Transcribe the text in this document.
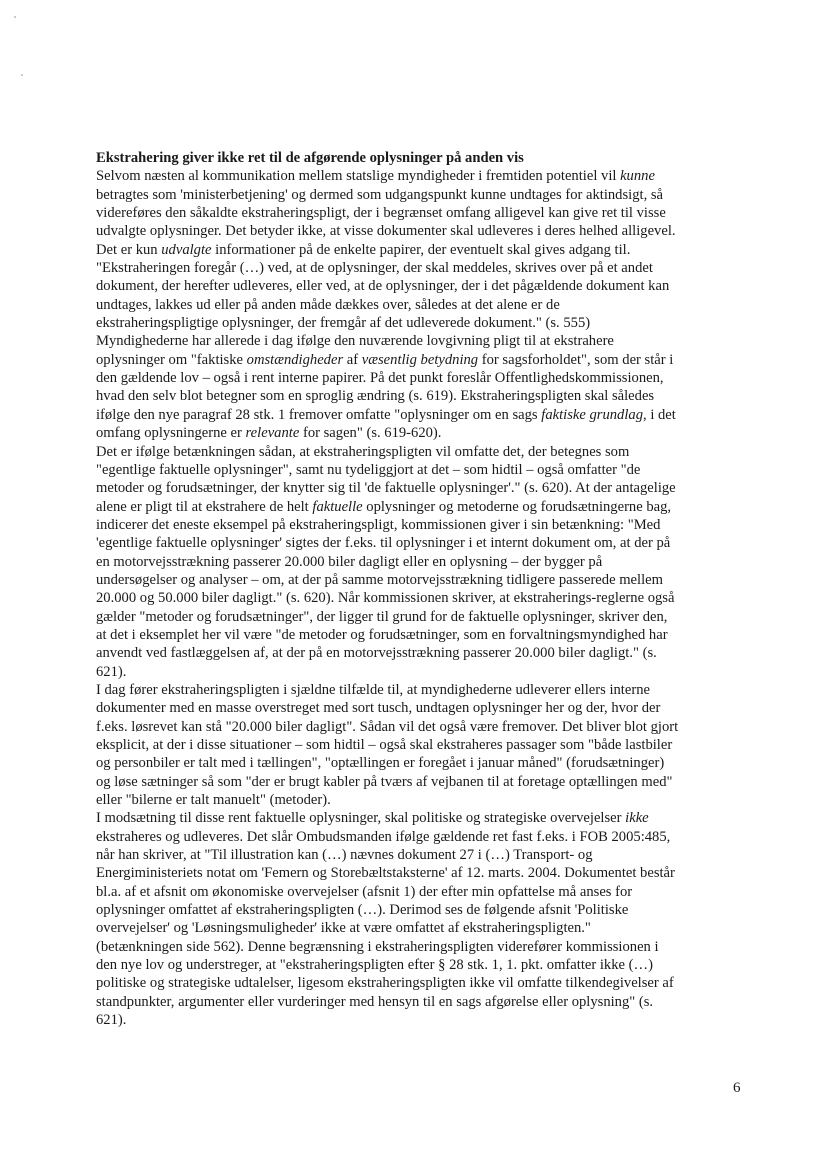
Ekstrahering giver ikke ret til de afgørende oplysninger på anden vis
Selvom næsten al kommunikation mellem statslige myndigheder i fremtiden potentiel vil kunne
betragtes som 'ministerbetjening' og dermed som udgangspunkt kunne undtages for aktindsigt, så
videreføres den såkaldte ekstraheringspligt, der i begrænset omfang alligevel kan give ret til visse
udvalgte oplysninger. Det betyder ikke, at visse dokumenter skal udleveres i deres helhed alligevel.
Det er kun udvalgte informationer på de enkelte papirer, der eventuelt skal gives adgang til.
"Ekstraheringen foregår (…) ved, at de oplysninger, der skal meddeles, skrives over på et andet
dokument, der herefter udleveres, eller ved, at de oplysninger, der i det pågældende dokument kan
undtages, lakkes ud eller på anden måde dækkes over, således at det alene er de
ekstraheringspligtige oplysninger, der fremgår af det udleverede dokument." (s. 555)
Myndighederne har allerede i dag ifølge den nuværende lovgivning pligt til at ekstrahere
oplysninger om "faktiske omstændigheder af væsentlig betydning for sagsforholdet", som der står i
den gældende lov – også i rent interne papirer. På det punkt foreslår Offentlighedskommissionen,
hvad den selv blot betegner som en sproglig ændring (s. 619). Ekstraheringspligten skal således
ifølge den nye paragraf 28 stk. 1 fremover omfatte "oplysninger om en sags faktiske grundlag, i det
omfang oplysningerne er relevante for sagen" (s. 619-620).
Det er ifølge betænkningen sådan, at ekstraheringspligten vil omfatte det, der betegnes som
"egentlige faktuelle oplysninger", samt nu tydeliggjort at det – som hidtil – også omfatter "de
metoder og forudsætninger, der knytter sig til 'de faktuelle oplysninger'." (s. 620). At der antagelige
alene er pligt til at ekstrahere de helt faktuelle oplysninger og metoderne og forudsætningerne bag,
indicerer det eneste eksempel på ekstraheringspligt, kommissionen giver i sin betænkning: "Med
'egentlige faktuelle oplysninger' sigtes der f.eks. til oplysninger i et internt dokument om, at der på
en motorvejsstrækning passerer 20.000 biler dagligt eller en oplysning – der bygger på
undersøgelser og analyser – om, at der på samme motorvejsstrækning tidligere passerede mellem
20.000 og 50.000 biler dagligt." (s. 620). Når kommissionen skriver, at ekstraherings-reglerne også
gælder "metoder og forudsætninger", der ligger til grund for de faktuelle oplysninger, skriver den,
at det i eksemplet her vil være "de metoder og forudsætninger, som en forvaltningsmyndighed har
anvendt ved fastlæggelsen af, at der på en motorvejsstrækning passerer 20.000 biler dagligt." (s.
621).
I dag fører ekstraheringspligten i sjældne tilfælde til, at myndighederne udleverer ellers interne
dokumenter med en masse overstreget med sort tusch, undtagen oplysninger her og der, hvor der
f.eks. løsrevet kan stå "20.000 biler dagligt". Sådan vil det også være fremover. Det bliver blot gjort
eksplicit, at der i disse situationer – som hidtil – også skal ekstraheres passager som "både lastbiler
og personbiler er talt med i tællingen", "optællingen er foregået i januar måned" (forudsætninger)
og løse sætninger så som "der er brugt kabler på tværs af vejbanen til at foretage optællingen med"
eller "bilerne er talt manuelt" (metoder).
I modsætning til disse rent faktuelle oplysninger, skal politiske og strategiske overvejelser ikke
ekstraheres og udleveres. Det slår Ombudsmanden ifølge gældende ret fast f.eks. i FOB 2005:485,
når han skriver, at "Til illustration kan (…) nævnes dokument 27 i (…) Transport- og
Energiministeriets notat om 'Femern og Storebæltstaksterne' af 12. marts. 2004. Dokumentet består
bl.a. af et afsnit om økonomiske overvejelser (afsnit 1) der efter min opfattelse må anses for
oplysninger omfattet af ekstraheringspligten (…). Derimod ses de følgende afsnit 'Politiske
overvejelser' og 'Løsningsmuligheder' ikke at være omfattet af ekstraheringspligten."
(betænkningen side 562). Denne begrænsning i ekstraheringspligten viderefører kommissionen i
den nye lov og understreger, at "ekstraheringspligten efter § 28 stk. 1, 1. pkt. omfatter ikke (…)
politiske og strategiske udtalelser, ligesom ekstraheringspligten ikke vil omfatte tilkendegivelser af
standpunkter, argumenter eller vurderinger med hensyn til en sags afgørelse eller oplysning" (s.
621).
6
